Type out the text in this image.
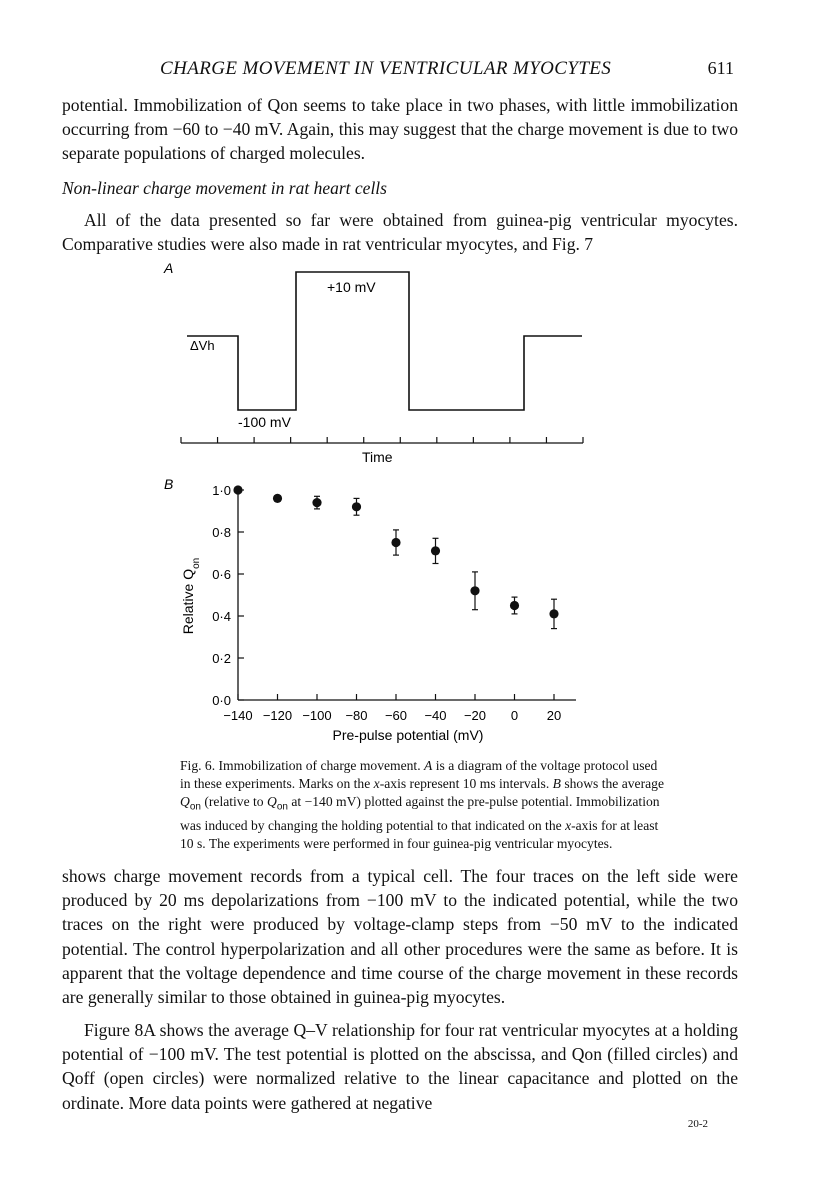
CHARGE MOVEMENT IN VENTRICULAR MYOCYTES	611

potential. Immobilization of Qon seems to take place in two phases, with little immobilization occurring from −60 to −40 mV. Again, this may suggest that the charge movement is due to two separate populations of charged molecules.

Non-linear charge movement in rat heart cells

All of the data presented so far were obtained from guinea-pig ventricular myocytes. Comparative studies were also made in rat ventricular myocytes, and Fig. 7

A
+10 mV
ΔVh
-100 mV
Time
B
0·0
0·2
0·4
0·6
0·8
1·0
−140 −120 −100 −80 −60 −40 −20 0 20
Relative $Q_{on}$
Pre-pulse potential (mV)
Fig. 6. Immobilization of charge movement. A is a diagram of the voltage protocol used
in these experiments. Marks on the x-axis represent 10 ms intervals. B shows the average
$Q_{on}$ (relative to $Q_{on}$ at −140 mV) plotted against the pre-pulse potential. Immobilization
was induced by changing the holding potential to that indicated on the x-axis for at least
10 s. The experiments were performed in four guinea-pig ventricular myocytes.

shows charge movement records from a typical cell. The four traces on the left side were produced by 20 ms depolarizations from −100 mV to the indicated potential, while the two traces on the right were produced by voltage-clamp steps from −50 mV to the indicated potential. The control hyperpolarization and all other procedures were the same as before. It is apparent that the voltage dependence and time course of the charge movement in these records are generally similar to those obtained in guinea-pig myocytes.

Figure 8A shows the average Q–V relationship for four rat ventricular myocytes at a holding potential of −100 mV. The test potential is plotted on the abscissa, and Qon (filled circles) and Qoff (open circles) were normalized relative to the linear capacitance and plotted on the ordinate. More data points were gathered at negative

20-2
